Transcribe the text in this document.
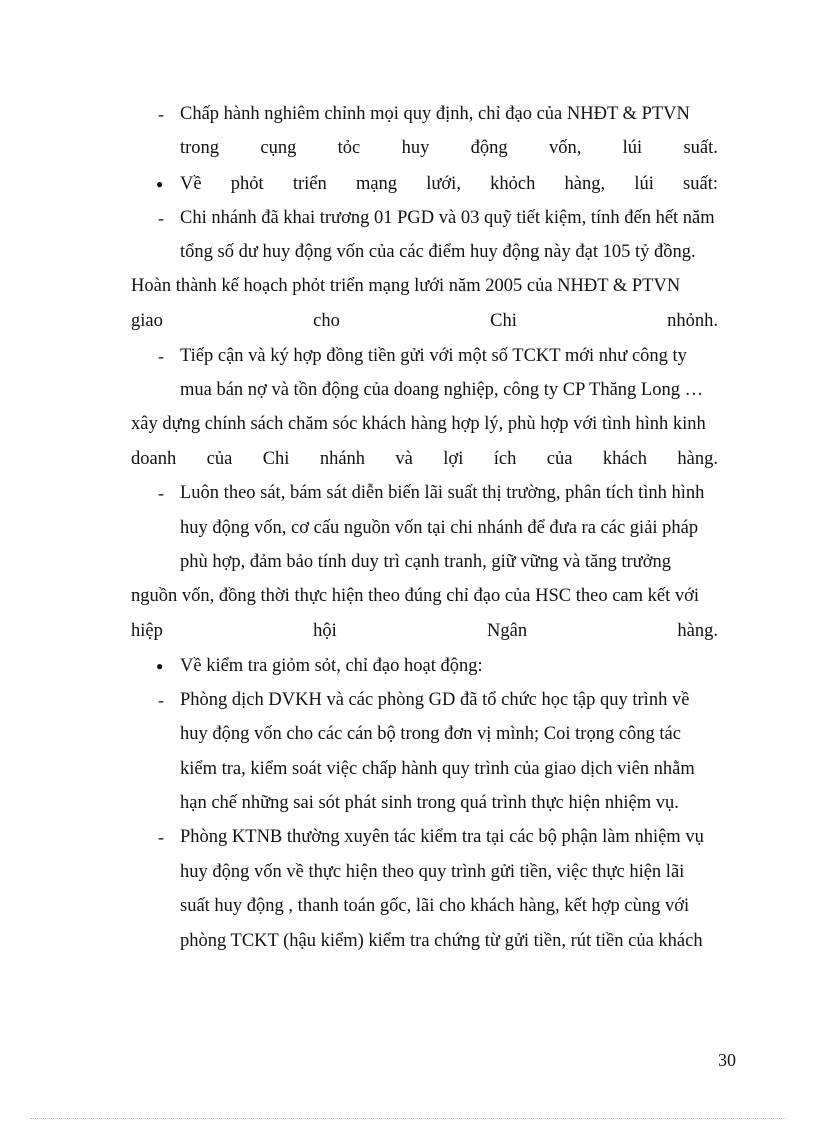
-
●
-
-
-
●
-
-
Chấp hành nghiêm chỉnh mọi quy định, chỉ đạo của NHĐT & PTVN
trong cụng tỏc huy động vốn, lúi suất.
Về phỏt triển mạng lưới, khỏch hàng, lúi suất:
Chi nhánh đã khai trương 01 PGD và 03 quỹ tiết kiệm, tính đến hết năm
tổng số dư huy động vốn của các điểm huy động này đạt 105 tỷ đồng.
Hoàn thành kế hoạch phỏt triển mạng lưới năm 2005 của NHĐT & PTVN
giao	cho	Chi	nhỏnh.
Tiếp cận và ký hợp đồng tiền gửi với một số TCKT mới như công ty
mua bán nợ và tồn động của doang nghiệp, công ty CP Thăng Long …
xây dựng chính sách chăm sóc khách hàng hợp lý, phù hợp với tình hình kinh
doanh của Chi nhánh và lợi ích của khách hàng.
Luôn theo sát, bám sát diễn biến lãi suất thị trường, phân tích tình hình
huy động vốn, cơ cấu nguồn vốn tại chi nhánh để đưa ra các giải pháp
phù hợp, đảm bảo tính duy trì cạnh tranh, giữ vững và tăng trưởng
nguồn vốn, đồng thời thực hiện theo đúng chỉ đạo của HSC theo cam kết với
hiệp	hội	Ngân	hàng.
Về kiểm tra giỏm sỏt, chỉ đạo hoạt động:
Phòng dịch DVKH và các phòng GD đã tổ chức học tập quy trình về
huy động vốn cho các cán bộ trong đơn vị mình; Coi trọng công tác
kiểm tra, kiểm soát việc chấp hành quy trình của giao dịch viên nhằm
hạn chế những sai sót phát sinh trong quá trình thực hiện nhiệm vụ.
Phòng KTNB thường xuyên tác kiểm tra tại các bộ phận làm nhiệm vụ
huy động vốn về thực hiện theo quy trình gửi tiền, việc thực hiện lãi
suất huy động , thanh toán gốc, lãi cho khách hàng, kết hợp cùng với
phòng TCKT (hậu kiểm) kiểm tra chứng từ gửi tiền, rút tiền của khách
30
